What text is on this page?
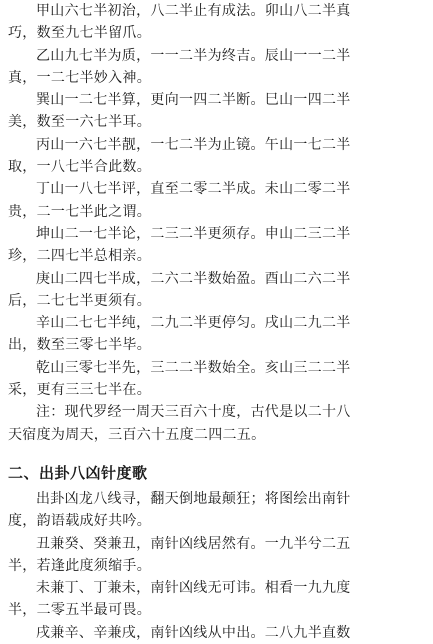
甲山六七半初治，八二半止有成法。卯山八二半真
巧，数至九七半留爪。
乙山九七半为质，一一二半为终吉。辰山一一二半
真，一二七半妙入神。
巽山一二七半算，更向一四二半断。巳山一四二半
美，数至一六七半耳。
丙山一六七半靓，一七二半为止镜。午山一七二半
取，一八七半合此数。
丁山一八七半评，直至二零二半成。未山二零二半
贵，二一七半此之谓。
坤山二一七半论，二三二半更须存。申山二三二半
珍，二四七半总相亲。
庚山二四七半成，二六二半数始盈。酉山二六二半
后，二七七半更须有。
辛山二七七半纯，二九二半更停匀。戌山二九二半
出，数至三零七半毕。
乾山三零七半先，三二二半数始全。亥山三二二半
采，更有三三七半在。
注：现代罗经一周天三百六十度，古代是以二十八
天宿度为周天，三百六十五度二四二五。
二、出卦八凶针度歌
出卦凶龙八线寻，翻天倒地最颠狂；将图绘出南针
度，韵语载成好共吟。
丑兼癸、癸兼丑，南针凶线居然有。一九半兮二五
半，若逢此度须缩手。
未兼丁、丁兼未，南针凶线无可讳。相看一九九度
半，二零五半最可畏。
戌兼辛、辛兼戌，南针凶线从中出。二八九半直数
